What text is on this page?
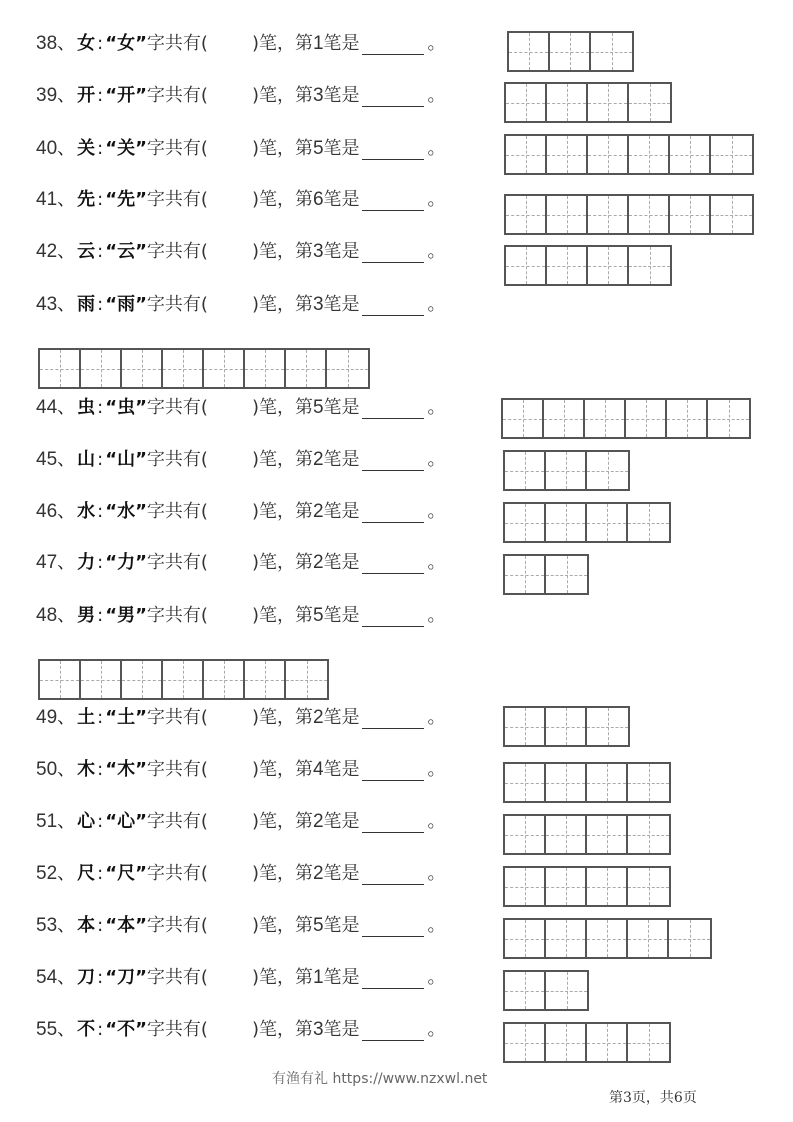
38 、 女 : “ 女 ” 字共有 ( ) 笔 ， 第 1 笔是	。
39 、 开 : “ 开 ” 字共有 ( ) 笔 ， 第 3 笔是	。
40 、 关 : “ 关 ” 字共有 ( ) 笔 ， 第 5 笔是	。
41 、 先 : “ 先 ” 字共有 ( ) 笔 ， 第 6 笔是	。
42 、 云 : “ 云 ” 字共有 ( ) 笔 ， 第 3 笔是	。
43 、 雨 : “ 雨 ” 字共有 ( ) 笔 ， 第 3 笔是	。
44 、 虫 : “ 虫 ” 字共有 ( ) 笔 ， 第 5 笔是	。
45 、 山 : “ 山 ” 字共有 ( ) 笔 ， 第 2 笔是	。
46 、 水 : “ 水 ” 字共有 ( ) 笔 ， 第 2 笔是	。
47 、 力 : “ 力 ” 字共有 ( ) 笔 ， 第 2 笔是	。
48 、 男 : “ 男 ” 字共有 ( ) 笔 ， 第 5 笔是	。
49 、 土 : “ 土 ” 字共有 ( ) 笔 ， 第 2 笔是	。
50 、 木 : “ 木 ” 字共有 ( ) 笔 ， 第 4 笔是	。
51 、 心 : “ 心 ” 字共有 ( ) 笔 ， 第 2 笔是	。
52 、 尺 : “ 尺 ” 字共有 ( ) 笔 ， 第 2 笔是	。
53 、 本 : “ 本 ” 字共有 ( ) 笔 ， 第 5 笔是	。
54 、 刀 : “ 刀 ” 字共有 ( ) 笔 ， 第 1 笔是	。
55 、 不 : “ 不 ” 字共有 ( ) 笔 ， 第 3 笔是	。
有渔有礼 https://www.nzxwl.net
第3页，共6页
